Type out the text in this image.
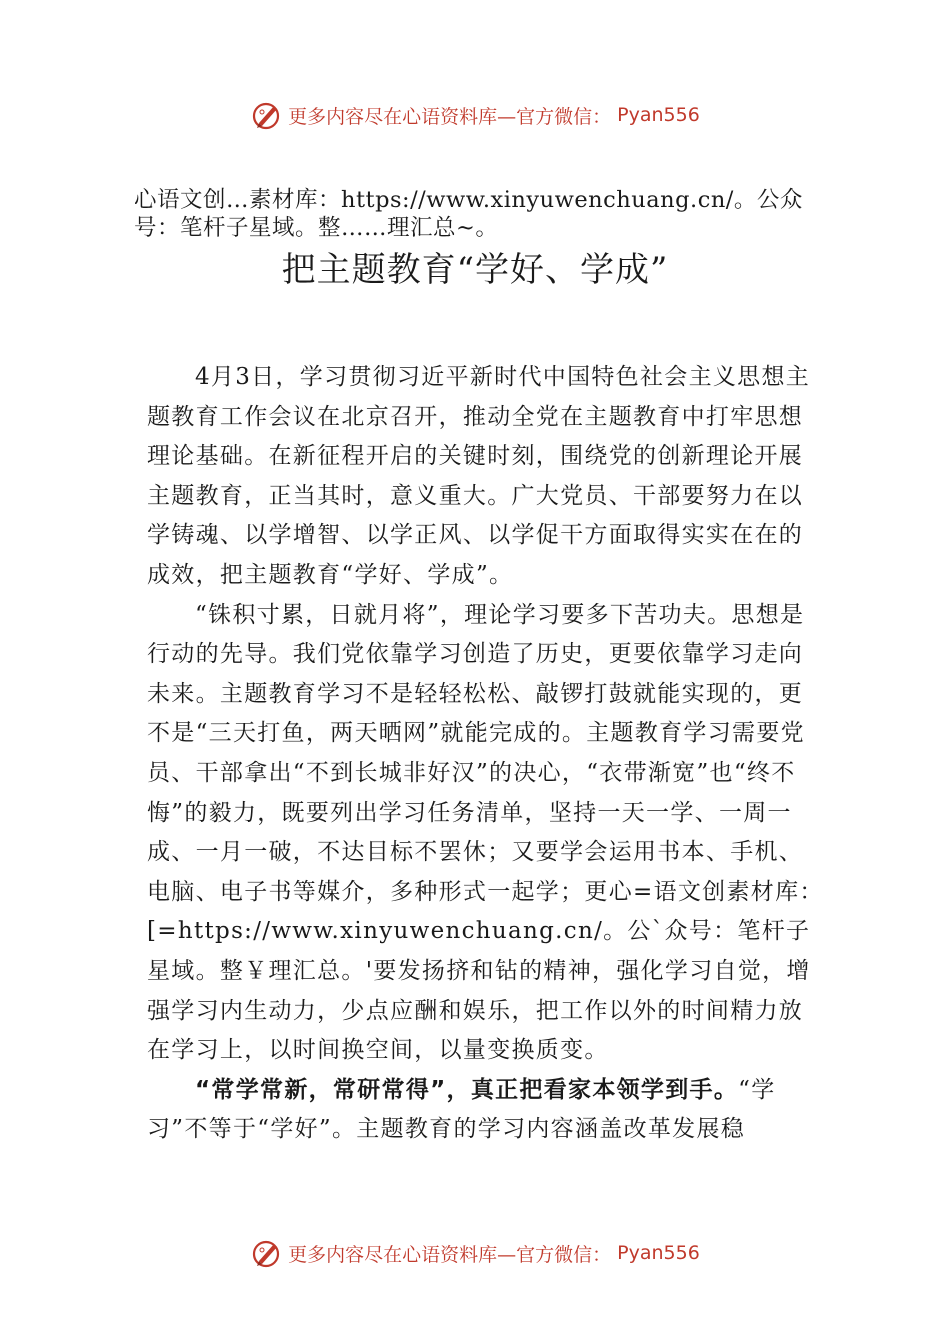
更多内容尽在心语资料库—官方微信： Pyan556

心语文创…素材库：https://www.xinyuwenchuang.cn/。公众号：笔杆子星域。整……理汇总~。

把主题教育“学好、学成”

4月3日，学习贯彻习近平新时代中国特色社会主义思想主题教育工作会议在北京召开，推动全党在主题教育中打牢思想理论基础。在新征程开启的关键时刻，围绕党的创新理论开展主题教育，正当其时，意义重大。广大党员、干部要努力在以学铸魂、以学增智、以学正风、以学促干方面取得实实在在的成效，把主题教育“学好、学成”。

“铢积寸累，日就月将”，理论学习要多下苦功夫。思想是行动的先导。我们党依靠学习创造了历史，更要依靠学习走向未来。主题教育学习不是轻轻松松、敲锣打鼓就能实现的，更不是“三天打鱼，两天晒网”就能完成的。主题教育学习需要党员、干部拿出“不到长城非好汉”的决心，“衣带渐宽”也“终不悔”的毅力，既要列出学习任务清单，坚持一天一学、一周一成、一月一破，不达目标不罢休；又要学会运用书本、手机、电脑、电子书等媒介，多种形式一起学；更心=语文创素材库：[=https://www.xinyuwenchuang.cn/。公`众号：笔杆子星域。整￥理汇总。'要发扬挤和钻的精神，强化学习自觉，增强学习内生动力，少点应酬和娱乐，把工作以外的时间精力放在学习上，以时间换空间，以量变换质变。

“常学常新，常研常得”，真正把看家本领学到手。“学习”不等于“学好”。主题教育的学习内容涵盖改革发展稳

更多内容尽在心语资料库—官方微信： Pyan556
